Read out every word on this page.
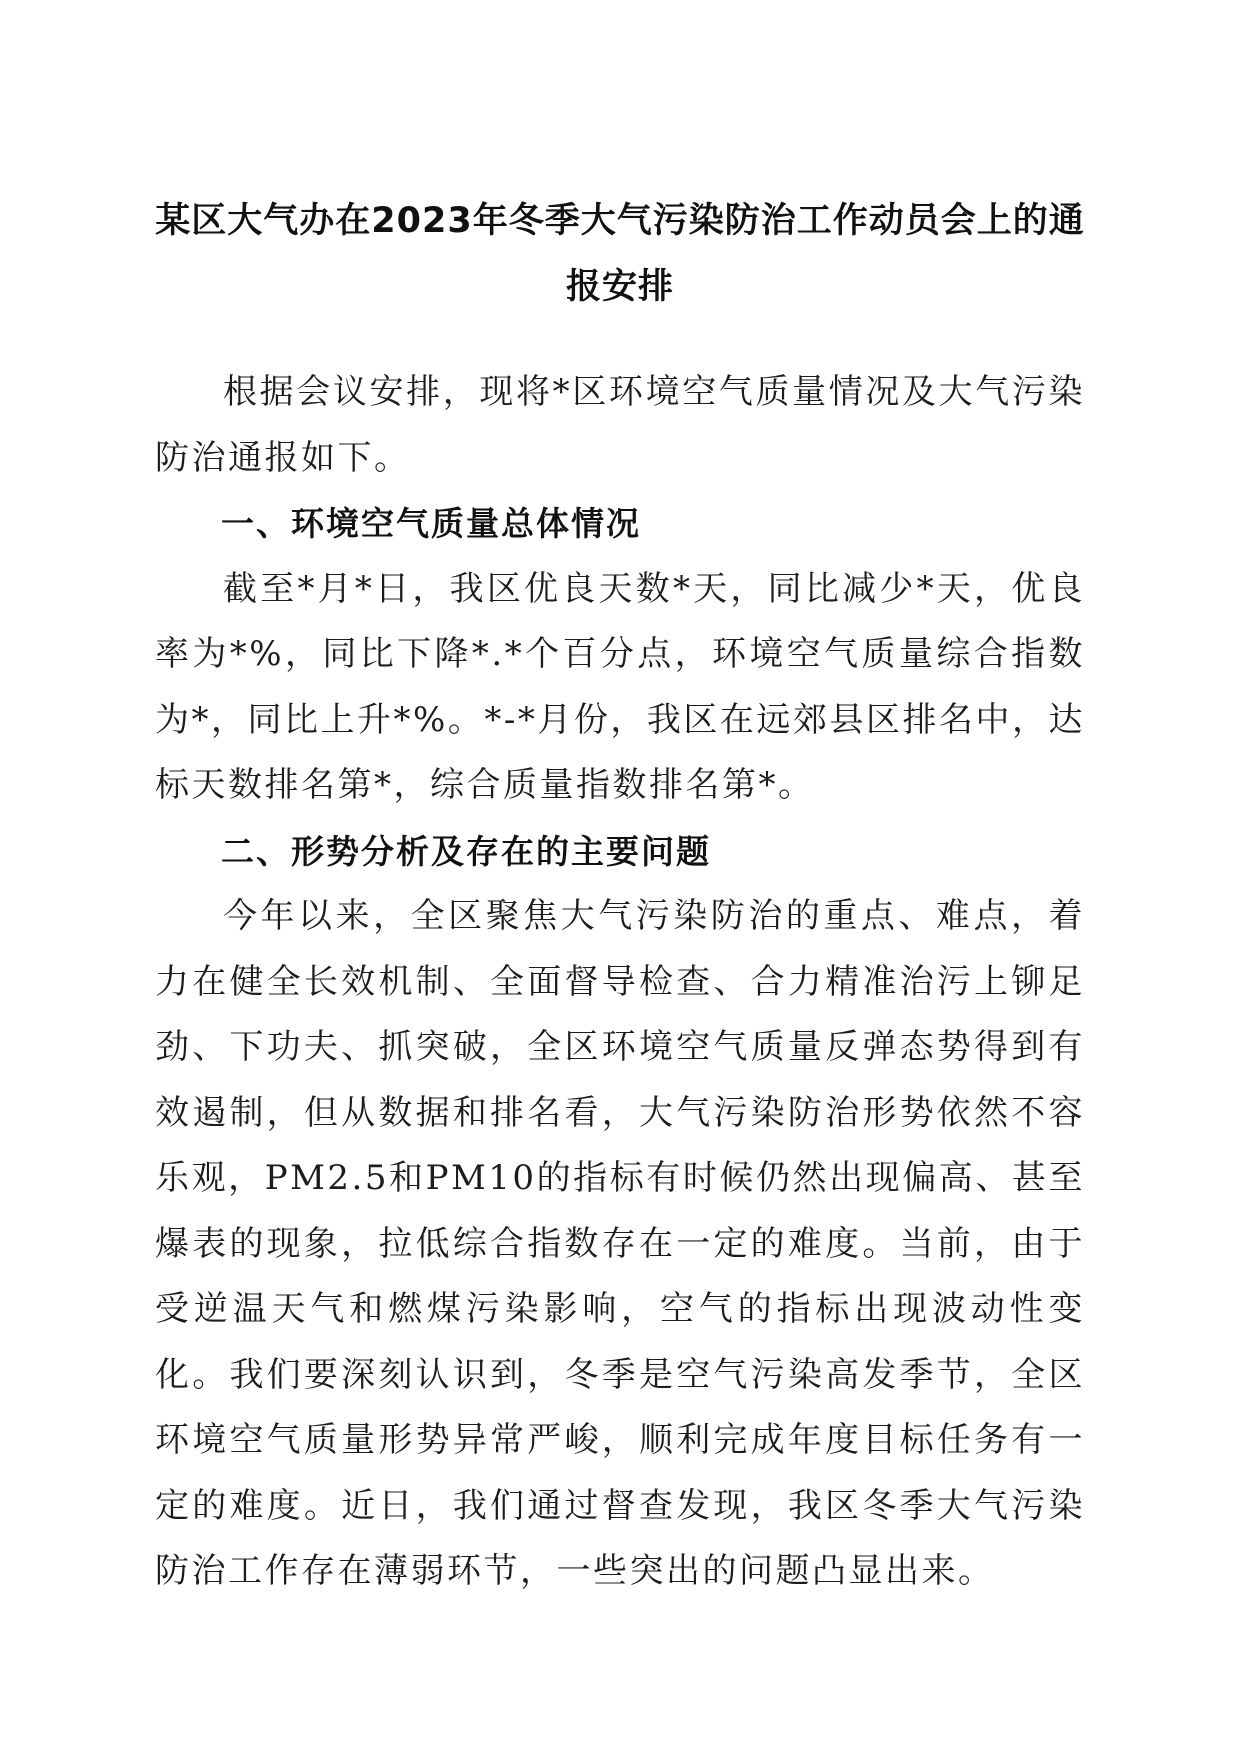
某区大气办在2023年冬季大气污染防治工作动员会上的通报安排

根据会议安排，现将*区环境空气质量情况及大气污染防治通报如下。

一、环境空气质量总体情况

截至*月*日，我区优良天数*天，同比减少*天，优良率为*%，同比下降*.*个百分点，环境空气质量综合指数为*，同比上升*%。*-*月份，我区在远郊县区排名中，达标天数排名第*，综合质量指数排名第*。

二、形势分析及存在的主要问题

今年以来，全区聚焦大气污染防治的重点、难点，着力在健全长效机制、全面督导检查、合力精准治污上铆足劲、下功夫、抓突破，全区环境空气质量反弹态势得到有效遏制，但从数据和排名看，大气污染防治形势依然不容乐观，PM2.5和PM10的指标有时候仍然出现偏高、甚至爆表的现象，拉低综合指数存在一定的难度。当前，由于受逆温天气和燃煤污染影响，空气的指标出现波动性变化。我们要深刻认识到，冬季是空气污染高发季节，全区环境空气质量形势异常严峻，顺利完成年度目标任务有一定的难度。近日，我们通过督查发现，我区冬季大气污染防治工作存在薄弱环节，一些突出的问题凸显出来。
